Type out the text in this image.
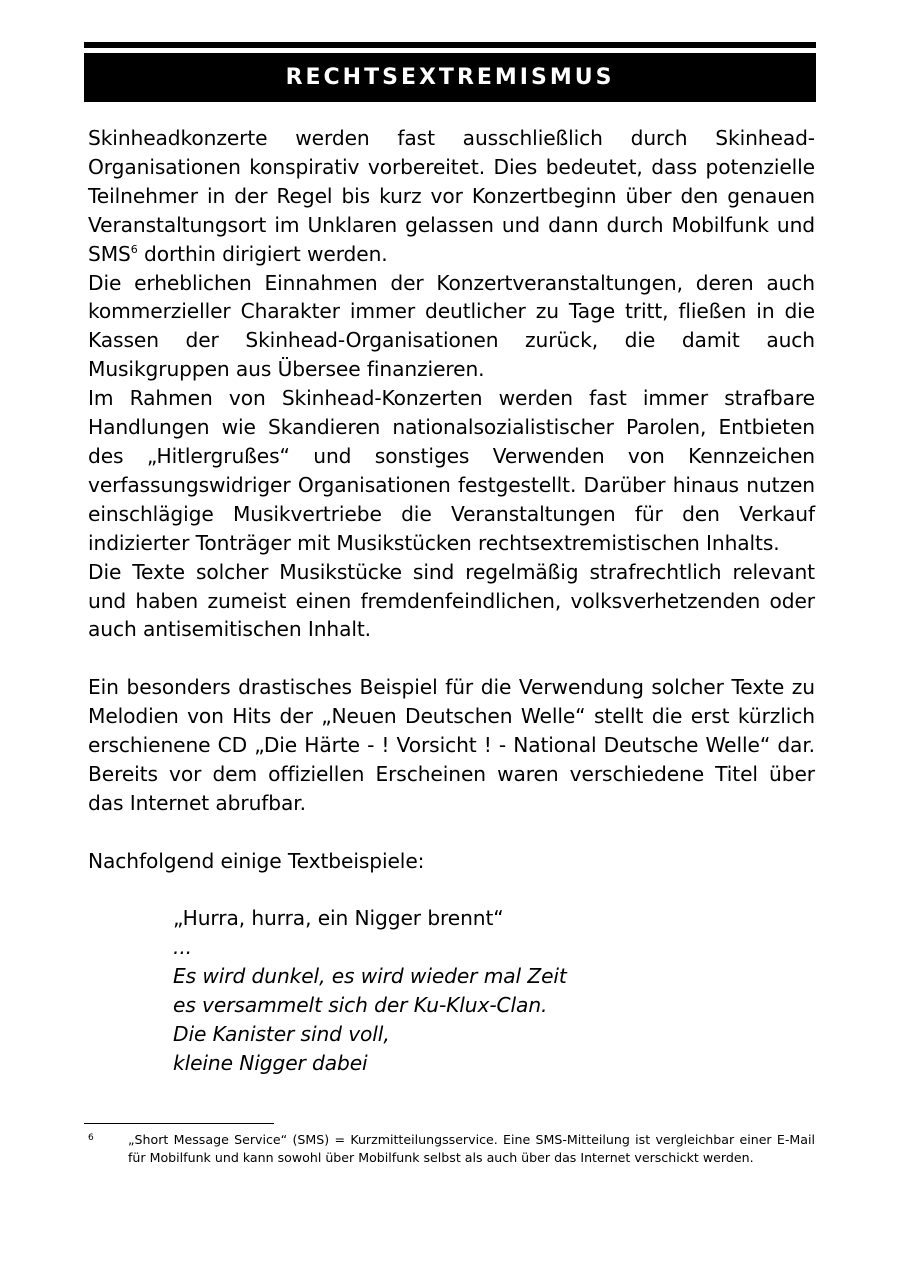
RECHTSEXTREMISMUS

Skinheadkonzerte werden fast ausschließlich durch Skinhead-Organisationen konspirativ vorbereitet. Dies bedeutet, dass potenzielle Teilnehmer in der Regel bis kurz vor Konzertbeginn über den genauen Veranstaltungsort im Unklaren gelassen und dann durch Mobilfunk und SMS$^6$ dorthin dirigiert werden.

Die erheblichen Einnahmen der Konzertveranstaltungen, deren auch kommerzieller Charakter immer deutlicher zu Tage tritt, fließen in die Kassen der Skinhead-Organisationen zurück, die damit auch Musikgruppen aus Übersee finanzieren.

Im Rahmen von Skinhead-Konzerten werden fast immer strafbare Handlungen wie Skandieren nationalsozialistischer Parolen, Entbieten des „Hitlergrußes“ und sonstiges Verwenden von Kennzeichen verfassungswidriger Organisationen festgestellt. Darüber hinaus nutzen einschlägige Musikvertriebe die Veranstaltungen für den Verkauf indizierter Tonträger mit Musikstücken rechtsextremistischen Inhalts.

Die Texte solcher Musikstücke sind regelmäßig strafrechtlich relevant und haben zumeist einen fremdenfeindlichen, volksverhetzenden oder auch antisemitischen Inhalt.

Ein besonders drastisches Beispiel für die Verwendung solcher Texte zu Melodien von Hits der „Neuen Deutschen Welle“ stellt die erst kürzlich erschienene CD „Die Härte - ! Vorsicht ! - National Deutsche Welle“ dar. Bereits vor dem offiziellen Erscheinen waren verschiedene Titel über das Internet abrufbar.

Nachfolgend einige Textbeispiele:

„Hurra, hurra, ein Nigger brennt“
...
Es wird dunkel, es wird wieder mal Zeit
es versammelt sich der Ku-Klux-Clan.
Die Kanister sind voll,
kleine Nigger dabei
6	„Short Message Service“ (SMS) = Kurzmitteilungsservice. Eine SMS-Mitteilung ist vergleichbar einer E-Mail für Mobilfunk und kann sowohl über Mobilfunk selbst als auch über das Internet verschickt werden.
